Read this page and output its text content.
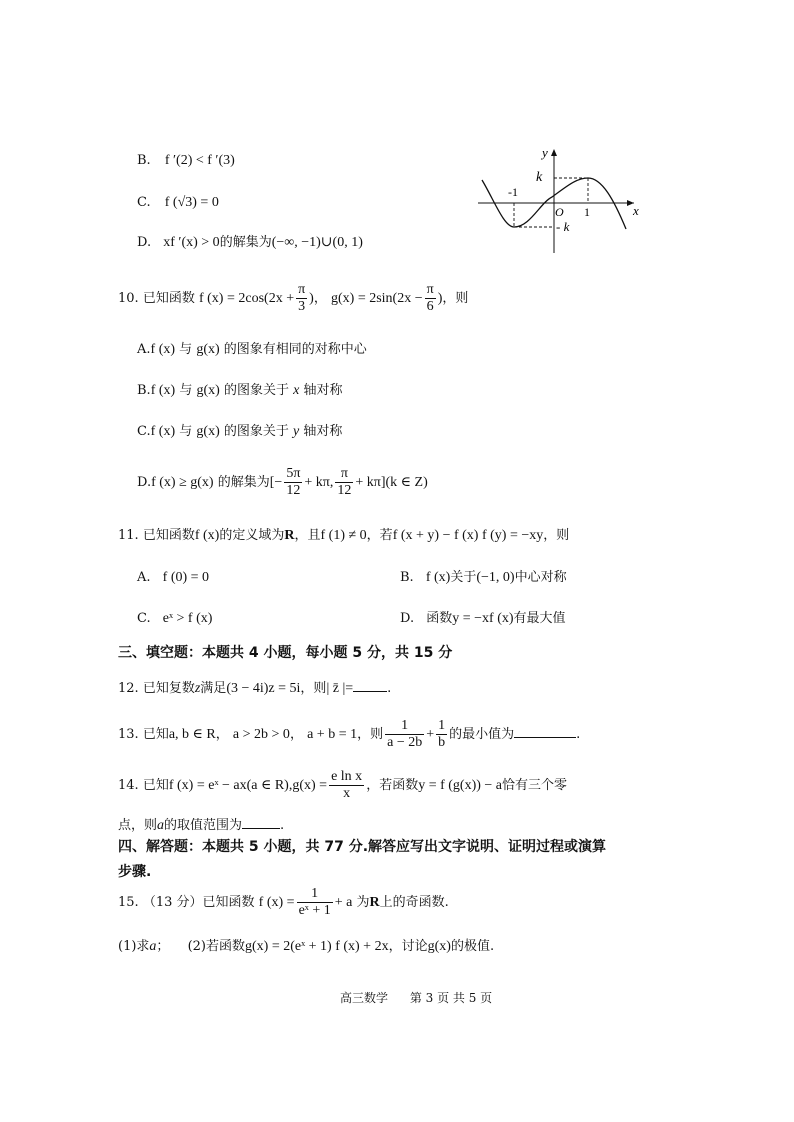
B. f ′(2) < f ′(3)
C. f (√3) = 0
D. xf ′(x) > 0的解集为(−∞, −1)∪(0, 1)
y
x
k
- k
-1
O 1
10. 已知函数 f $(x) = 2\cos(2x + \frac{\pi}{3}$ )， $g(x) = 2\sin(2x - \frac{\pi}{6}$ )，则
A.f (x) 与 g(x) 的图象有相同的对称中心
B.f (x) 与 g(x) 的图象关于 x 轴对称
C.f (x) 与 g(x) 的图象关于 y 轴对称
D.f (x) ≥ g(x) 的解集为[− $\frac{5\pi}{12} + k\pi$, $\frac{\pi}{12} + k\pi](k$ ∈ Z)
11. 已知函数f (x)的定义域为R，且f (1) ≠ 0，若f (x + y) − f (x) f (y) = −xy，则
A. f (0) = 0	B. f (x)关于(−1, 0)中心对称
C. eˣ > f (x)	D. 函数y = −xf (x)有最大值
三、填空题：本题共 4 小题，每小题 5 分，共 15 分
12. 已知复数z满足(3 − 4i)z = 5i，则| z̄ |=	.
13. 已知a, b ∈ R， a > 2b > 0， a + b = 1，则 $\frac{1}{a - 2b} + \frac{1}{b}$ 的最小值为	.
14. 已知f (x) = eˣ − ax(a ∈ $R),g(x) = \frac{\text{e ln x}}{x}$ ，若函数y = f (g(x)) − a恰有三个零
点，则a的取值范围为	.
四、解答题：本题共 5 小题，共 77 分.解答应写出文字说明、证明过程或演算
步骤.
15. （13 分）已知函数 f $(x) = \frac{1}{\text{eˣ + 1}} + a$ 为R上的奇函数.
(1)求a； (2)若函数g(x) = 2(eˣ + 1) f (x) + 2x，讨论g(x)的极值.
高三数学 第 3 页 共 5 页
